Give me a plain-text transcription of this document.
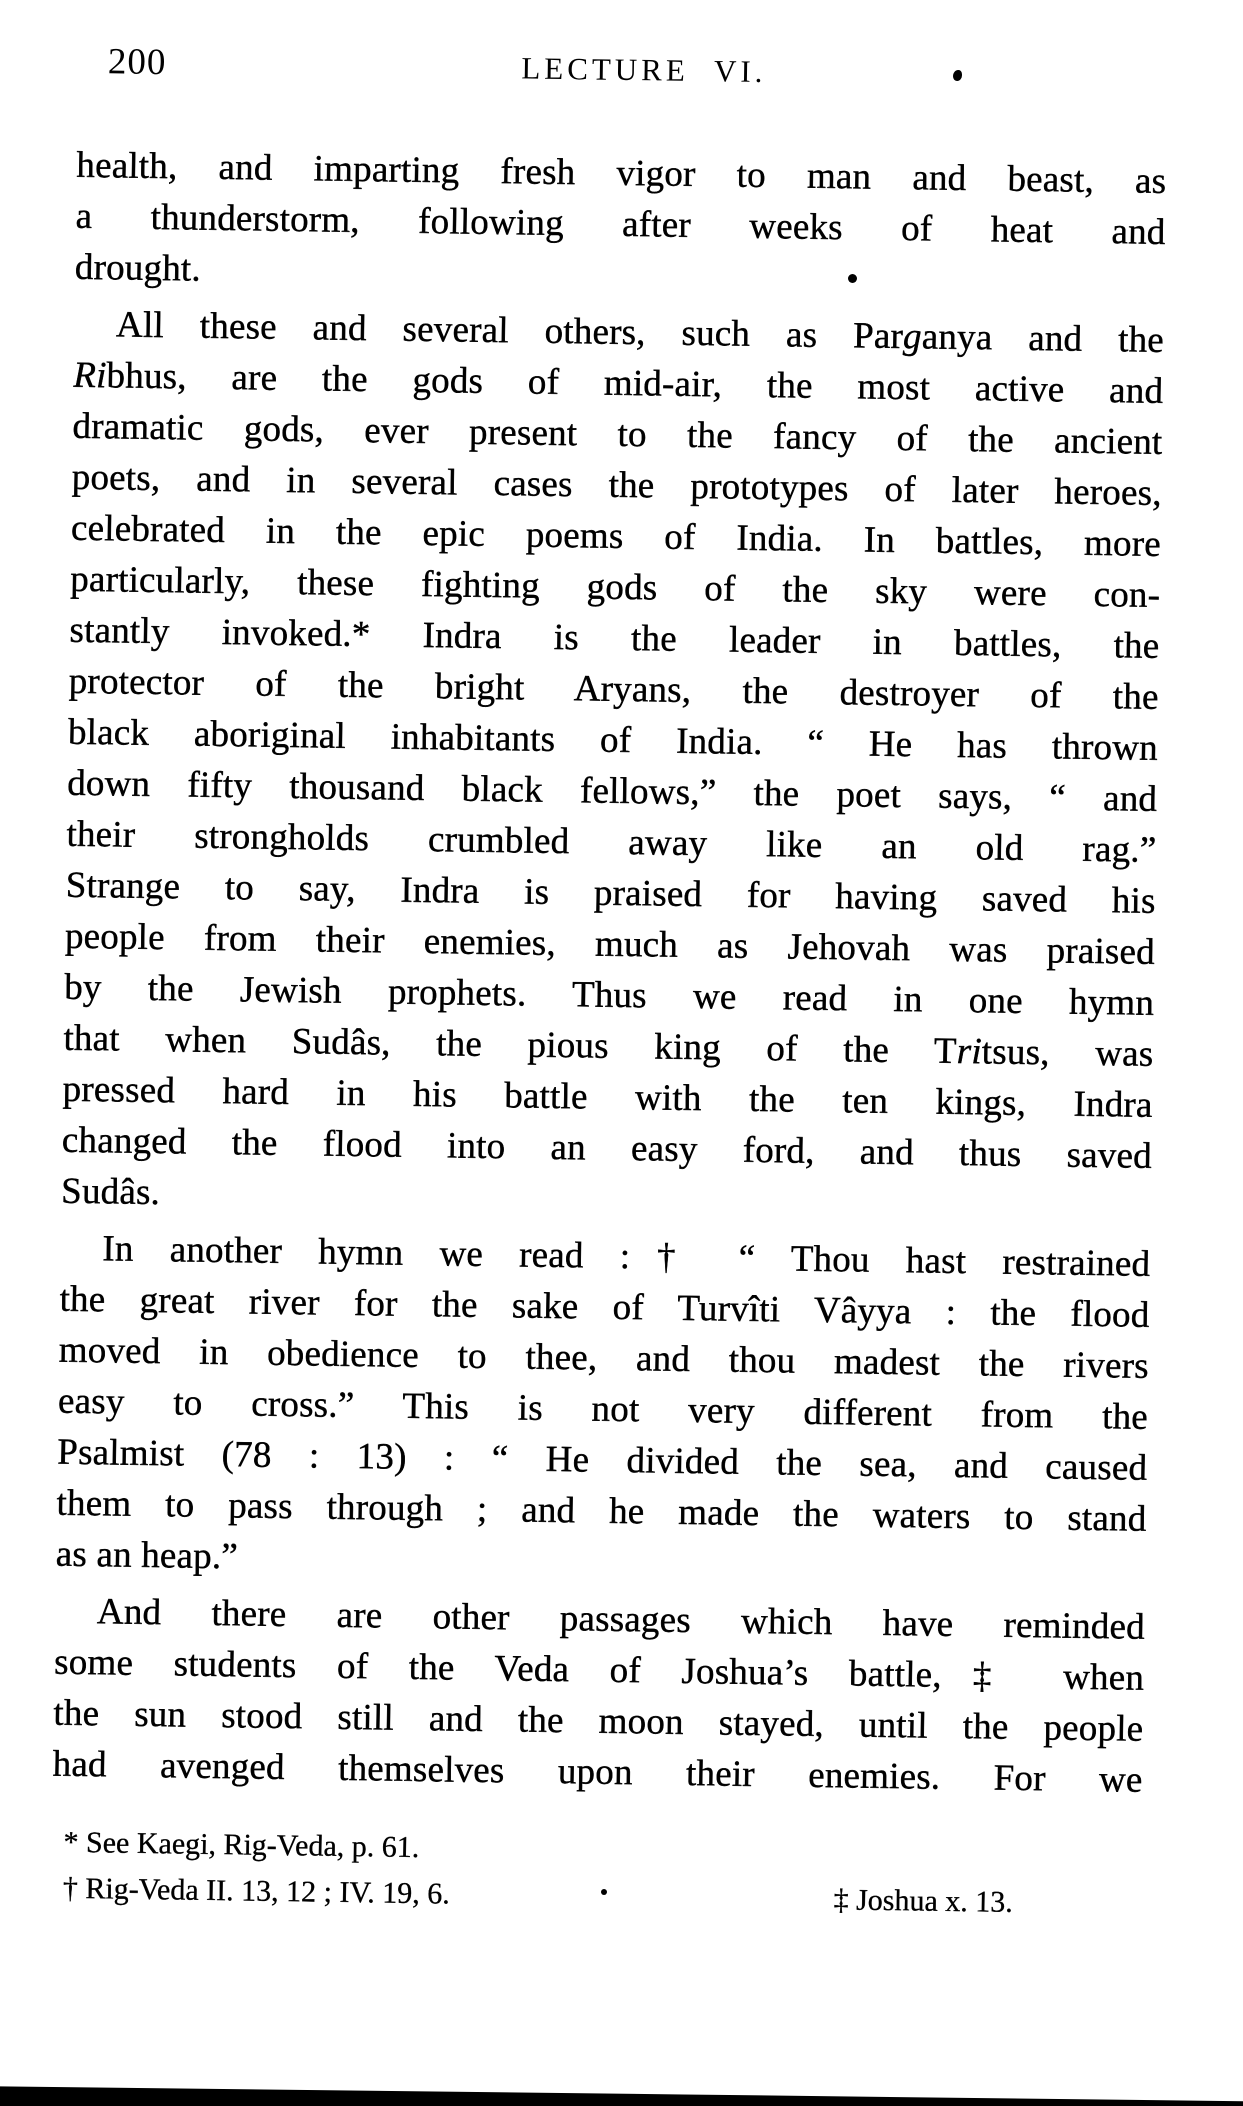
200	LECTURE VI.
health, and imparting fresh vigor to man and beast, as
a thunderstorm, following after weeks of heat and
drought.
All these and several others, such as Parganya and the
Ribhus, are the gods of mid-air, the most active and
dramatic gods, ever present to the fancy of the ancient
poets, and in several cases the prototypes of later heroes,
celebrated in the epic poems of India. In battles, more
particularly, these fighting gods of the sky were con-
stantly invoked.* Indra is the leader in battles, the
protector of the bright Aryans, the destroyer of the
black aboriginal inhabitants of India. “ He has thrown
down fifty thousand black fellows,” the poet says, “ and
their strongholds crumbled away like an old rag.”
Strange to say, Indra is praised for having saved his
people from their enemies, much as Jehovah was praised
by the Jewish prophets. Thus we read in one hymn
that when Sudâs, the pious king of the Tritsus, was
pressed hard in his battle with the ten kings, Indra
changed the flood into an easy ford, and thus saved
Sudâs.
In another hymn we read :† “ Thou hast restrained
the great river for the sake of Turvîti Vâyya : the flood
moved in obedience to thee, and thou madest the rivers
easy to cross.” This is not very different from the
Psalmist (78 : 13) : “ He divided the sea, and caused
them to pass through ; and he made the waters to stand
as an heap.”
And there are other passages which have reminded
some students of the Veda of Joshua’s battle,‡ when
the sun stood still and the moon stayed, until the people
had avenged themselves upon their enemies. For we
* See Kaegi, Rig-Veda, p. 61.
† Rig-Veda II. 13, 12 ; IV. 19, 6.	‡ Joshua x. 13.
